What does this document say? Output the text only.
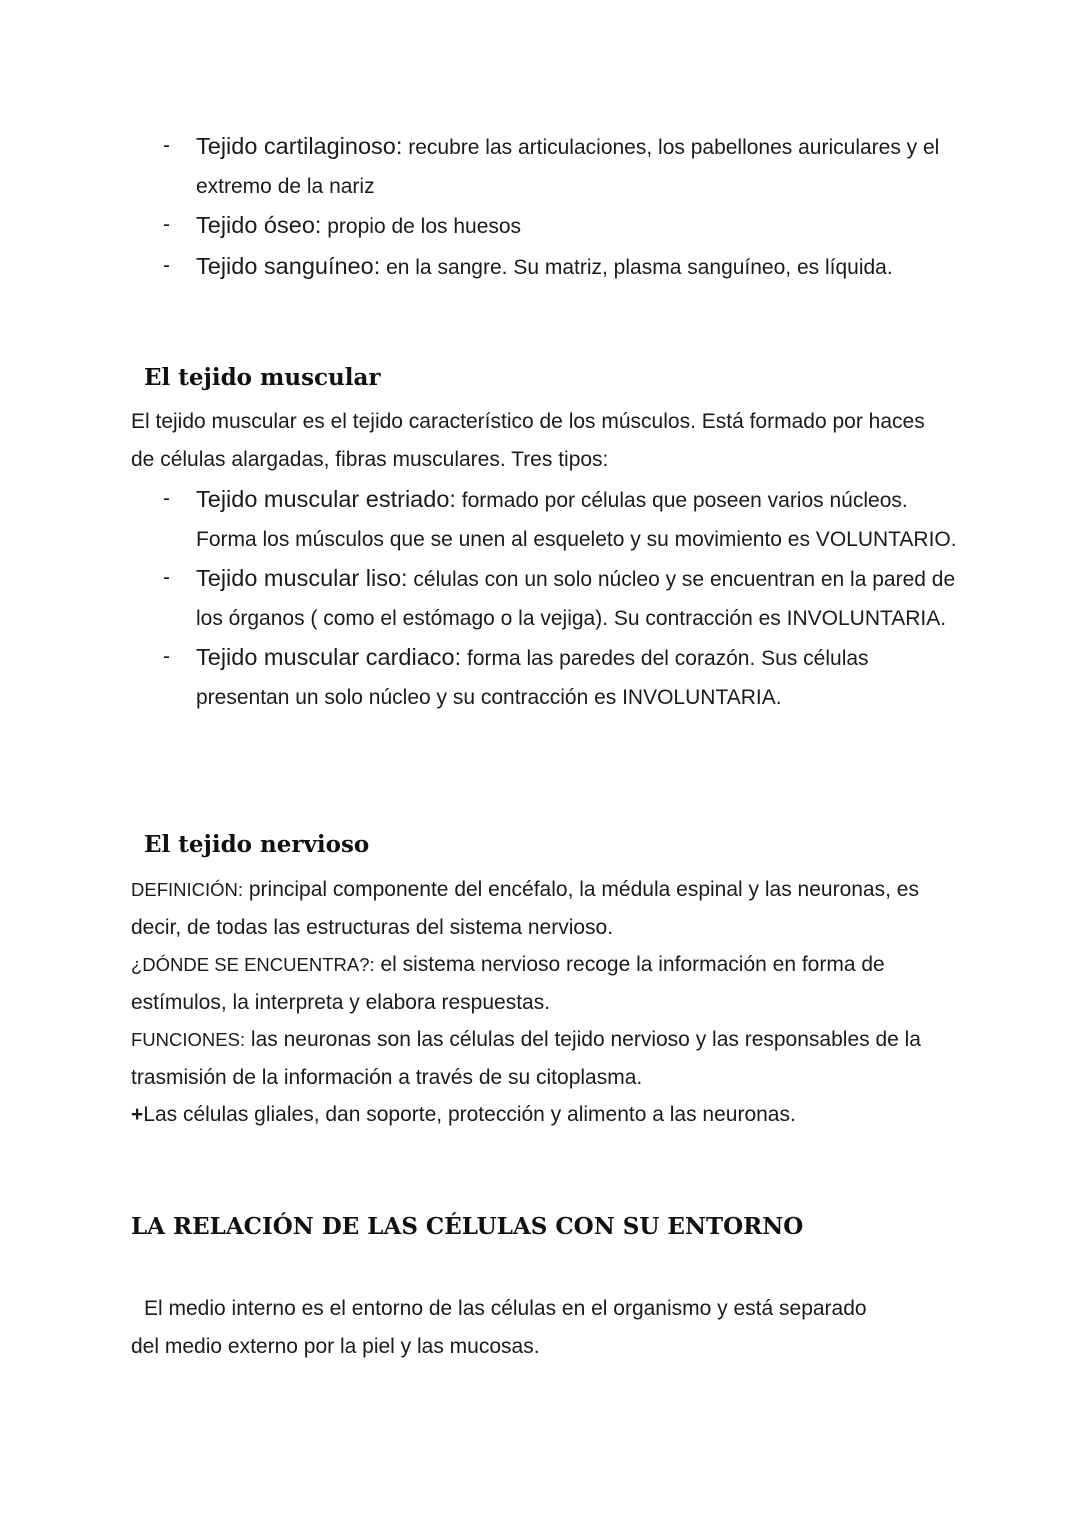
- Tejido cartilaginoso: recubre las articulaciones, los pabellones auriculares y el extremo de la nariz
- Tejido óseo: propio de los huesos
- Tejido sanguíneo: en la sangre. Su matriz, plasma sanguíneo, es líquida.
El tejido muscular

El tejido muscular es el tejido característico de los músculos. Está formado por haces de células alargadas, fibras musculares. Tres tipos:

- Tejido muscular estriado: formado por células que poseen varios núcleos. Forma los músculos que se unen al esqueleto y su movimiento es VOLUNTARIO.
- Tejido muscular liso: células con un solo núcleo y se encuentran en la pared de los órganos ( como el estómago o la vejiga). Su contracción es INVOLUNTARIA.
- Tejido muscular cardiaco: forma las paredes del corazón. Sus células presentan un solo núcleo y su contracción es INVOLUNTARIA.
El tejido nervioso

DEFINICIÓN: principal componente del encéfalo, la médula espinal y las neuronas, es decir, de todas las estructuras del sistema nervioso.

¿DÓNDE SE ENCUENTRA?: el sistema nervioso recoge la información en forma de estímulos, la interpreta y elabora respuestas.

FUNCIONES: las neuronas son las células del tejido nervioso y las responsables de la trasmisión de la información a través de su citoplasma.

+Las células gliales, dan soporte, protección y alimento a las neuronas.

LA RELACIÓN DE LAS CÉLULAS CON SU ENTORNO

El medio interno es el entorno de las células en el organismo y está separado del medio externo por la piel y las mucosas.
